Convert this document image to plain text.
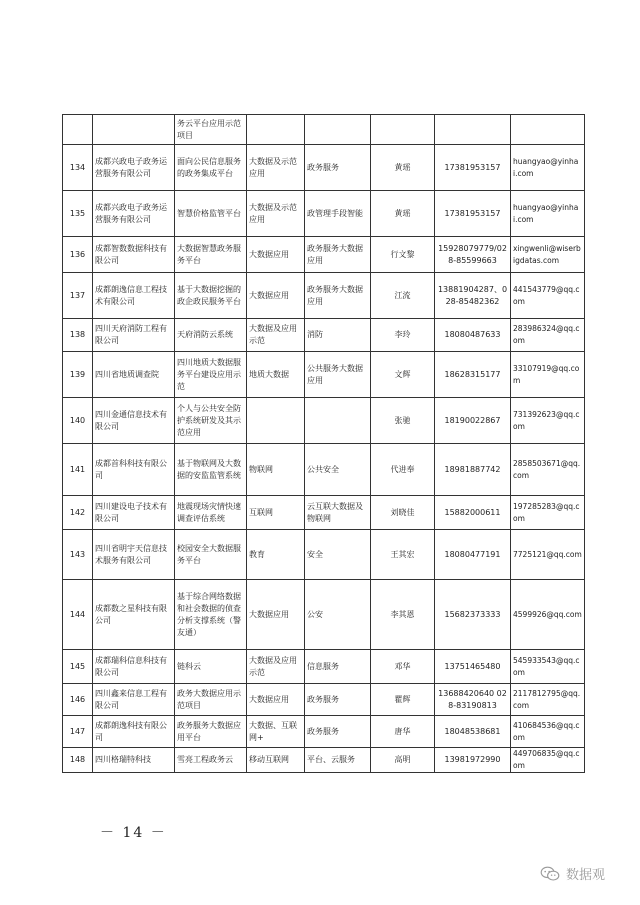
		务云平台应用示范项目					
134	成都兴政电子政务运营服务有限公司	面向公民信息服务的政务集成平台	大数据及示范应用	政务服务	黄瑶	17381953157	huangyao@yinhai.com
135	成都兴政电子政务运营服务有限公司	智慧价格监管平台	大数据及示范应用	政管理手段智能	黄瑶	17381953157	huangyao@yinhai.com
136	成都智数数据科技有限公司	大数据智慧政务服务平台	大数据应用	政务服务大数据应用	行文黎	15928079779/028-85599663	xingwenli@wiserbigdatas.com
137	成都朗逸信息工程技术有限公司	基于大数据挖掘的政企政民服务平台	大数据应用	政务服务大数据应用	江流	13881904287、028-85482362	441543779@qq.com
138	四川天府消防工程有限公司	天府消防云系统	大数据及应用示范	消防	李玲	18080487633	283986324@qq.com
139	四川省地质调查院	四川地质大数据服务平台建设应用示范	地质大数据	公共服务大数据应用	文辉	18628315177	33107919@qq.com
140	四川金通信息技术有限公司	个人与公共安全防护系统研发及其示范应用			张驰	18190022867	731392623@qq.com
141	成都首科科技有限公司	基于物联网及大数据的安监监管系统	物联网	公共安全	代进奉	18981887742	2858503671@qq.com
142	四川建设电子技术有限公司	地震现场灾情快速调查评估系统	互联网	云互联大数据及物联网	刘晓佳	15882000611	197285283@qq.com
143	四川省明宇天信息技术服务有限公司	校园安全大数据服务平台	教育	安全	王其宏	18080477191	7725121@qq.com
144	成都数之星科技有限公司	基于综合网络数据和社会数据的侦查分析支撑系统（警友通）	大数据应用	公安	李其恩	15682373333	4599926@qq.com
145	成都瑞科信息科技有限公司	链科云	大数据及应用示范	信息服务	邓华	13751465480	545933543@qq.com
146	四川鑫来信息工程有限公司	政务大数据应用示范项目	大数据应用	政务服务	瞿辉	13688420640 028-83190813	2117812795@qq.com
147	成都朗逸科技有限公司	政务服务大数据应用平台	大数据、互联网+	政务服务	唐华	18048538681	410684536@qq.com
148	四川格瑞特科技	雪亮工程政务云	移动互联网	平台、云服务	高明	13981972990	449706835@qq.com
－ 14 －
数据观
